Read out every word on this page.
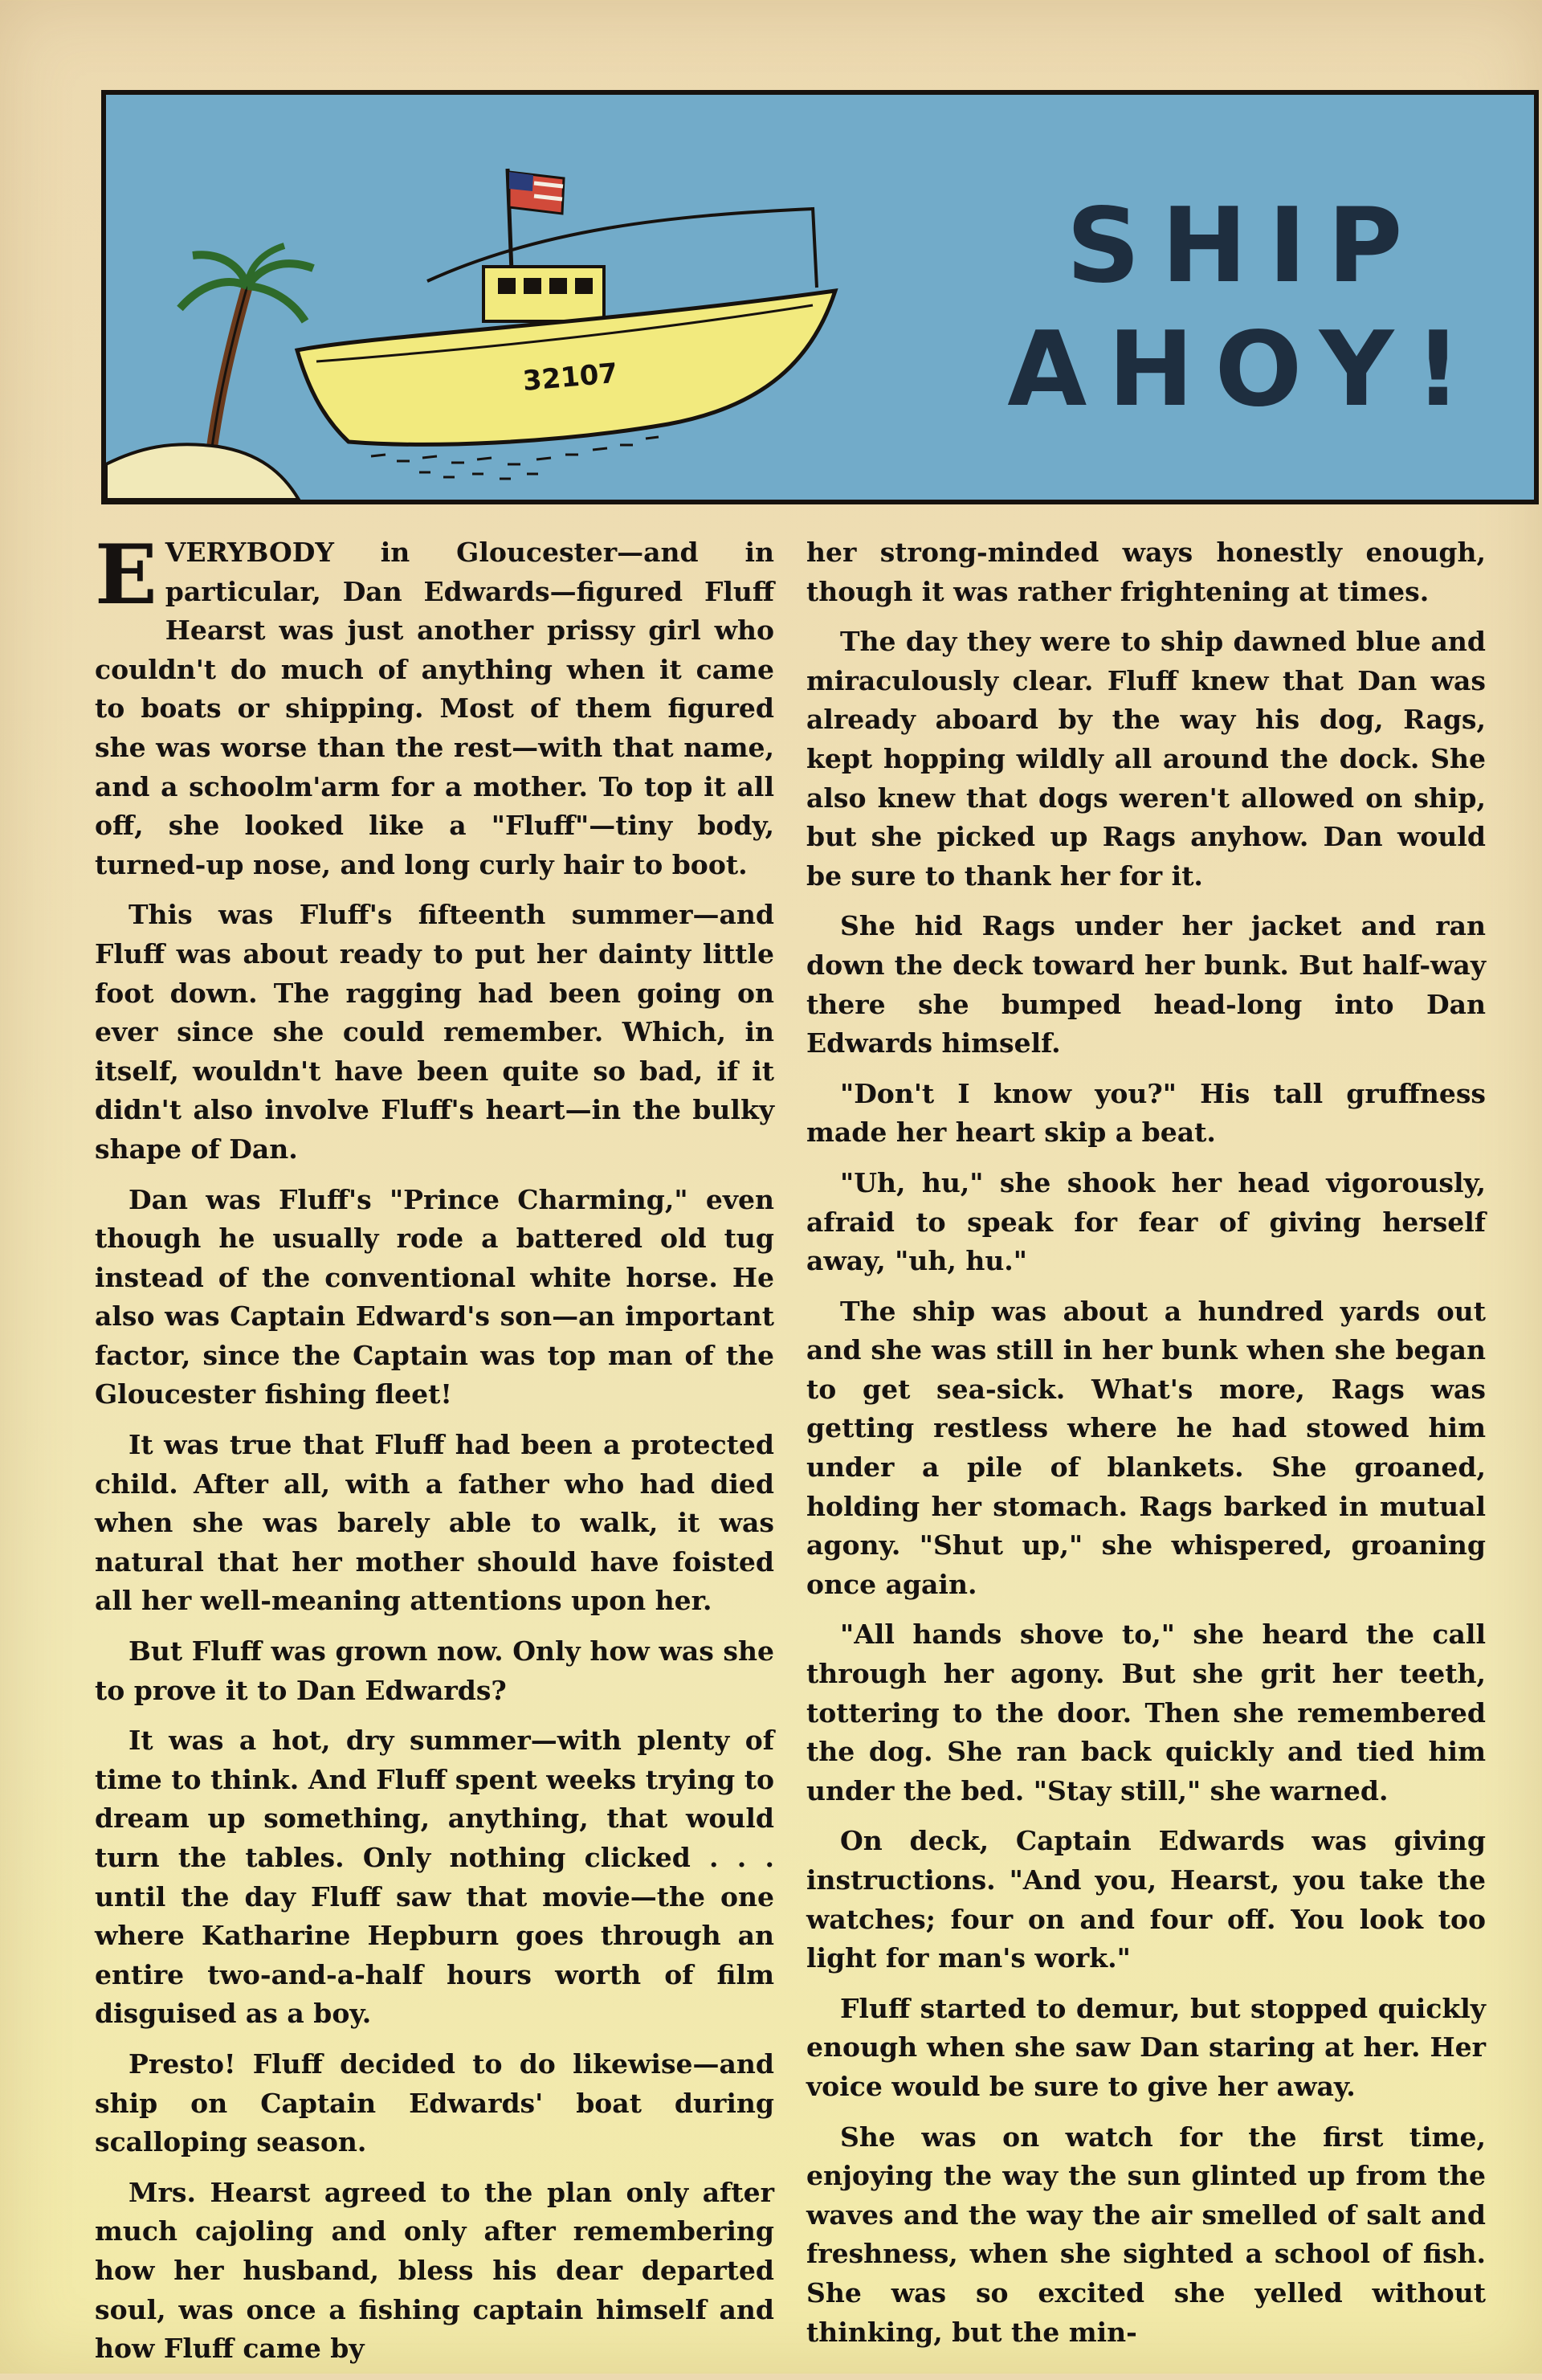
32107
SHIP
AHOY!

EVERYBODY in Gloucester—and in particular, Dan Edwards—figured Fluff Hearst was just another prissy girl who couldn't do much of anything when it came to boats or shipping. Most of them figured she was worse than the rest—with that name, and a schoolm'arm for a mother. To top it all off, she looked like a "Fluff"—tiny body, turned-up nose, and long curly hair to boot.

This was Fluff's fifteenth summer—and Fluff was about ready to put her dainty little foot down. The ragging had been going on ever since she could remember. Which, in itself, wouldn't have been quite so bad, if it didn't also involve Fluff's heart—in the bulky shape of Dan.

Dan was Fluff's "Prince Charming," even though he usually rode a battered old tug instead of the conventional white horse. He also was Captain Edward's son—an important factor, since the Captain was top man of the Gloucester fishing fleet!

It was true that Fluff had been a protected child. After all, with a father who had died when she was barely able to walk, it was natural that her mother should have foisted all her well-meaning attentions upon her.

But Fluff was grown now. Only how was she to prove it to Dan Edwards?

It was a hot, dry summer—with plenty of time to think. And Fluff spent weeks trying to dream up something, anything, that would turn the tables. Only nothing clicked . . . until the day Fluff saw that movie—the one where Katharine Hepburn goes through an entire two-and-a-half hours worth of film disguised as a boy.

Presto! Fluff decided to do likewise—and ship on Captain Edwards' boat during scalloping season.

Mrs. Hearst agreed to the plan only after much cajoling and only after remembering how her husband, bless his dear departed soul, was once a fishing captain himself and how Fluff came by

her strong-minded ways honestly enough, though it was rather frightening at times.

The day they were to ship dawned blue and miraculously clear. Fluff knew that Dan was already aboard by the way his dog, Rags, kept hopping wildly all around the dock. She also knew that dogs weren't allowed on ship, but she picked up Rags anyhow. Dan would be sure to thank her for it.

She hid Rags under her jacket and ran down the deck toward her bunk. But half-way there she bumped head-long into Dan Edwards himself.

"Don't I know you?" His tall gruffness made her heart skip a beat.

"Uh, hu," she shook her head vigorously, afraid to speak for fear of giving herself away, "uh, hu."

The ship was about a hundred yards out and she was still in her bunk when she began to get sea-sick. What's more, Rags was getting restless where he had stowed him under a pile of blankets. She groaned, holding her stomach. Rags barked in mutual agony. "Shut up," she whispered, groaning once again.

"All hands shove to," she heard the call through her agony. But she grit her teeth, tottering to the door. Then she remembered the dog. She ran back quickly and tied him under the bed. "Stay still," she warned.

On deck, Captain Edwards was giving instructions. "And you, Hearst, you take the watches; four on and four off. You look too light for man's work."

Fluff started to demur, but stopped quickly enough when she saw Dan staring at her. Her voice would be sure to give her away.

She was on watch for the first time, enjoying the way the sun glinted up from the waves and the way the air smelled of salt and freshness, when she sighted a school of fish. She was so excited she yelled without thinking, but the min-
